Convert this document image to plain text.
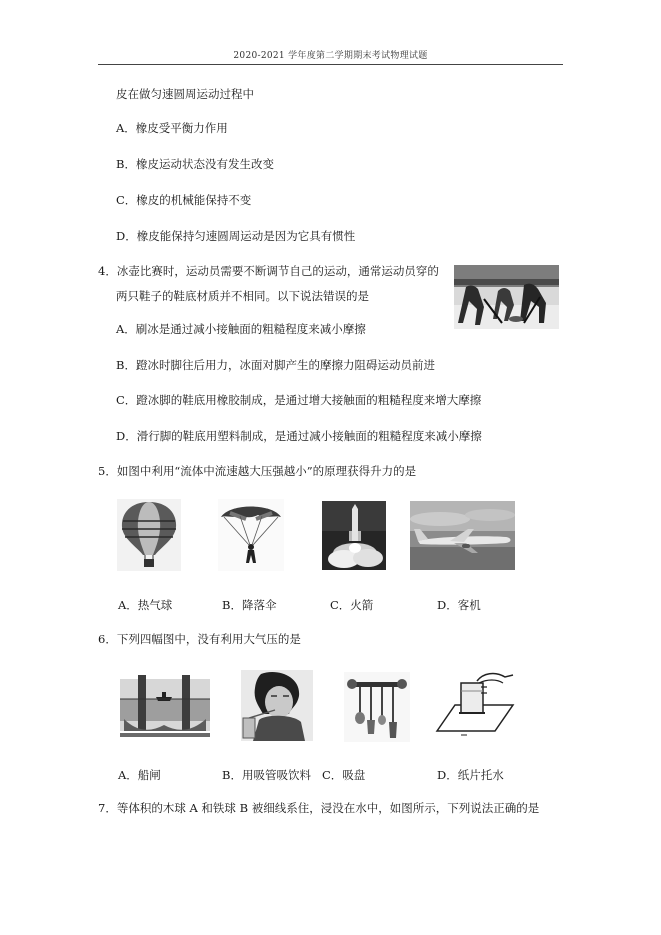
2020-2021 学年度第二学期期末考试物理试题
皮在做匀速圆周运动过程中
A．橡皮受平衡力作用
B．橡皮运动状态没有发生改变
C．橡皮的机械能保持不变
D．橡皮能保持匀速圆周运动是因为它具有惯性
4．冰壶比赛时，运动员需要不断调节自己的运动，通常运动员穿的
两只鞋子的鞋底材质并不相同。以下说法错误的是
A．刷冰是通过减小接触面的粗糙程度来减小摩擦
B．蹬冰时脚往后用力，冰面对脚产生的摩擦力阻碍运动员前进
C．蹬冰脚的鞋底用橡胶制成，是通过增大接触面的粗糙程度来增大摩擦
D．滑行脚的鞋底用塑料制成，是通过减小接触面的粗糙程度来减小摩擦
5．如图中利用“流体中流速越大压强越小”的原理获得升力的是
A．热气球	B．降落伞	C．火箭	D．客机
6．下列四幅图中，没有利用大气压的是
A．船闸	B．用吸管吸饮料 C．吸盘	D．纸片托水
7．等体积的木球 A 和铁球 B 被细线系住，浸没在水中，如图所示，下列说法正确的是
